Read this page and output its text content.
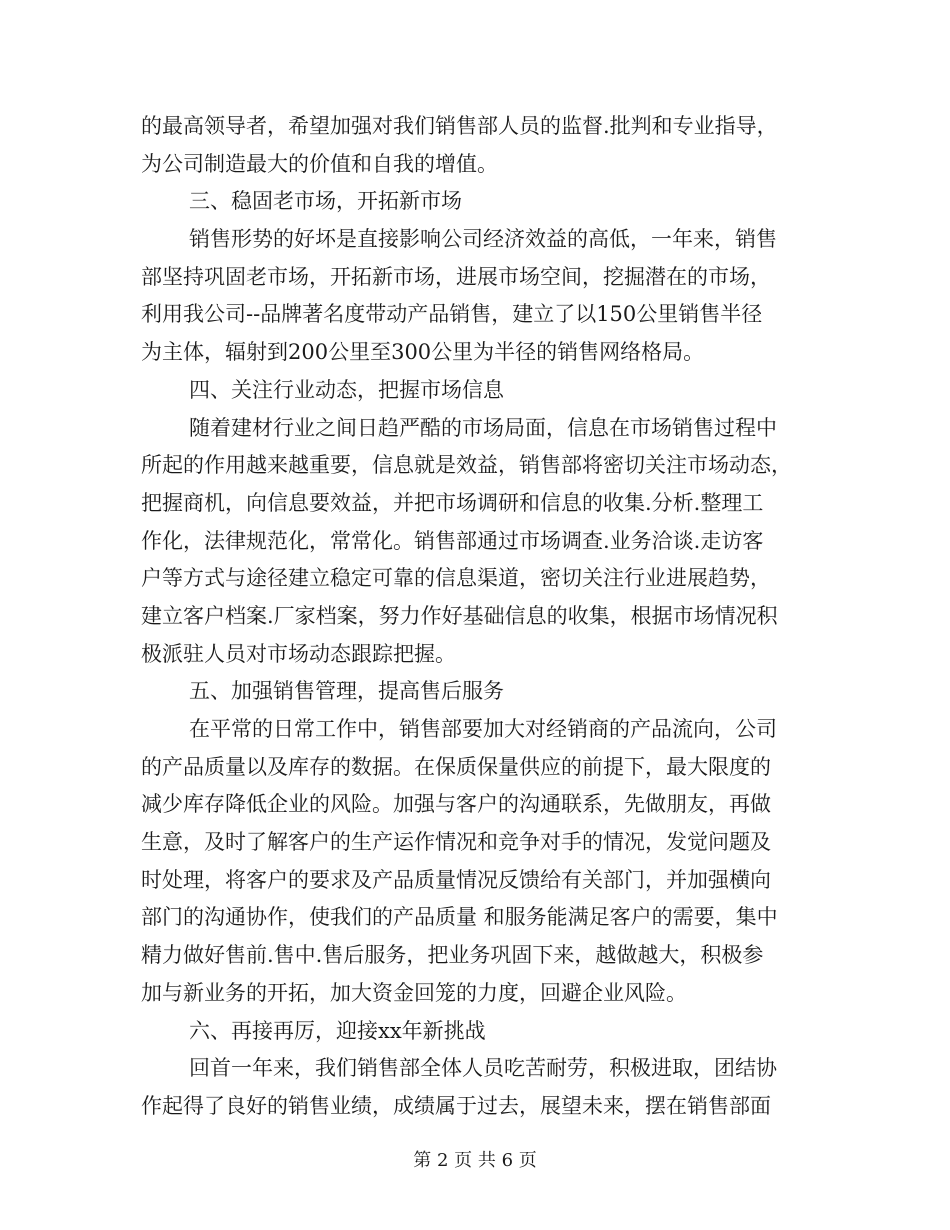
的最高领导者，希望加强对我们销售部人员的监督.批判和专业指导，
为公司制造最大的价值和自我的增值。
三、稳固老市场，开拓新市场
销售形势的好坏是直接影响公司经济效益的高低，一年来，销售
部坚持巩固老市场，开拓新市场，进展市场空间，挖掘潜在的市场，
利用我公司--品牌著名度带动产品销售，建立了以150公里销售半径
为主体，辐射到200公里至300公里为半径的销售网络格局。
四、关注行业动态，把握市场信息
随着建材行业之间日趋严酷的市场局面，信息在市场销售过程中
所起的作用越来越重要，信息就是效益，销售部将密切关注市场动态，
把握商机，向信息要效益，并把市场调研和信息的收集.分析.整理工
作化，法律规范化，常常化。销售部通过市场调查.业务洽谈.走访客
户等方式与途径建立稳定可靠的信息渠道，密切关注行业进展趋势，
建立客户档案.厂家档案，努力作好基础信息的收集，根据市场情况积
极派驻人员对市场动态跟踪把握。
五、加强销售管理，提高售后服务
在平常的日常工作中，销售部要加大对经销商的产品流向，公司
的产品质量以及库存的数据。在保质保量供应的前提下，最大限度的
减少库存降低企业的风险。加强与客户的沟通联系，先做朋友，再做
生意，及时了解客户的生产运作情况和竞争对手的情况，发觉问题及
时处理，将客户的要求及产品质量情况反馈给有关部门，并加强横向
部门的沟通协作，使我们的产品质量 和服务能满足客户的需要，集中
精力做好售前.售中.售后服务，把业务巩固下来，越做越大，积极参
加与新业务的开拓，加大资金回笼的力度，回避企业风险。
六、再接再厉，迎接xx年新挑战
回首一年来，我们销售部全体人员吃苦耐劳，积极进取，团结协
作起得了良好的销售业绩，成绩属于过去，展望未来，摆在销售部面
第 2 页 共 6 页
